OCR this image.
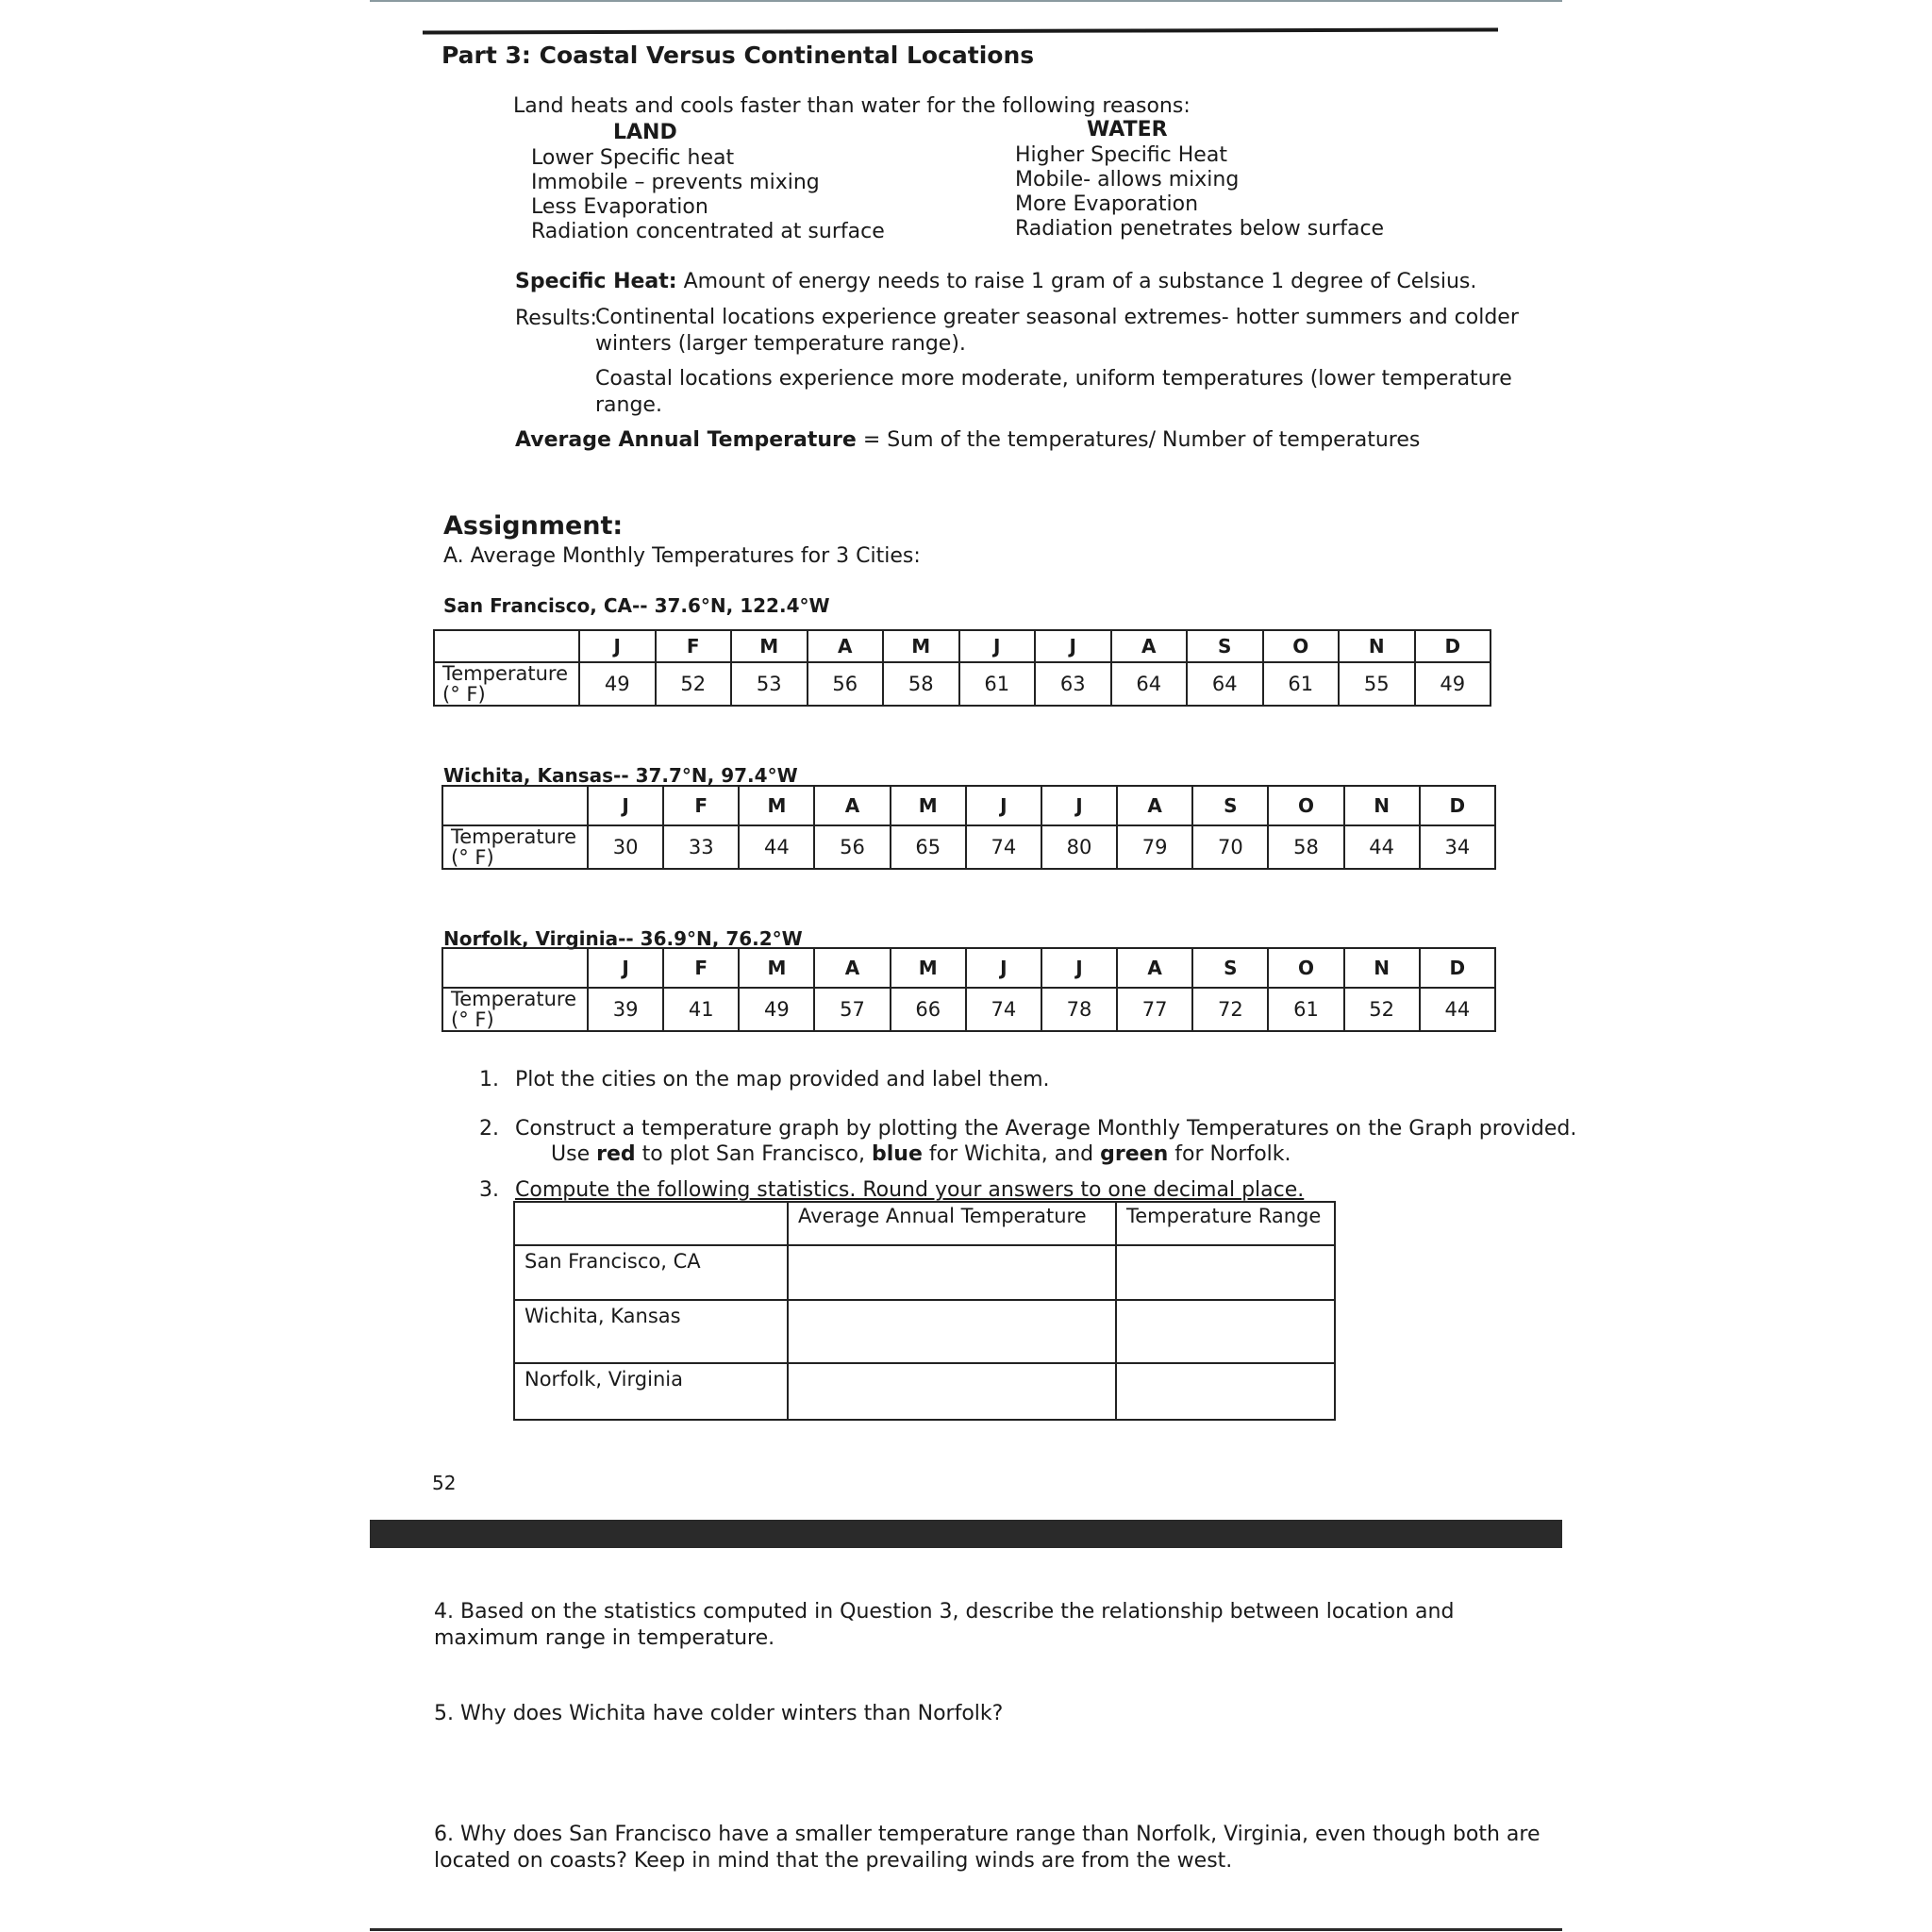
Part 3: Coastal Versus Continental Locations
Land heats and cools faster than water for the following reasons:
LAND
Lower Specific heat
Immobile – prevents mixing
Less Evaporation
Radiation concentrated at surface
WATER
Higher Specific Heat
Mobile- allows mixing
More Evaporation
Radiation penetrates below surface
Specific Heat: Amount of energy needs to raise 1 gram of a substance 1 degree of Celsius.
Results:
Continental locations experience greater seasonal extremes- hotter summers and colder
winters (larger temperature range).
Coastal locations experience more moderate, uniform temperatures (lower temperature
range.
Average Annual Temperature = Sum of the temperatures/ Number of temperatures
Assignment:
A. Average Monthly Temperatures for 3 Cities:
San Francisco, CA-- 37.6°N, 122.4°W
	J	F	M	A	M	J	J	A	S	O	N	D

Temperature
(° F)	49	52	53	56	58	61	63	64	64	61	55	49
Wichita, Kansas-- 37.7°N, 97.4°W
	J	F	M	A	M	J	J	A	S	O	N	D

Temperature
(° F)	30	33	44	56	65	74	80	79	70	58	44	34
Norfolk, Virginia-- 36.9°N, 76.2°W
	J	F	M	A	M	J	J	A	S	O	N	D

Temperature
(° F)	39	41	49	57	66	74	78	77	72	61	52	44
1. Plot the cities on the map provided and label them.
2. Construct a temperature graph by plotting the Average Monthly Temperatures on the Graph provided.
Use red to plot San Francisco, blue for Wichita, and green for Norfolk.
3. Compute the following statistics. Round your answers to one decimal place.
	Average Annual Temperature	Temperature Range
San Francisco, CA		
Wichita, Kansas		
Norfolk, Virginia		
52
4. Based on the statistics computed in Question 3, describe the relationship between location and
maximum range in temperature.
5. Why does Wichita have colder winters than Norfolk?
6. Why does San Francisco have a smaller temperature range than Norfolk, Virginia, even though both are
located on coasts? Keep in mind that the prevailing winds are from the west.
